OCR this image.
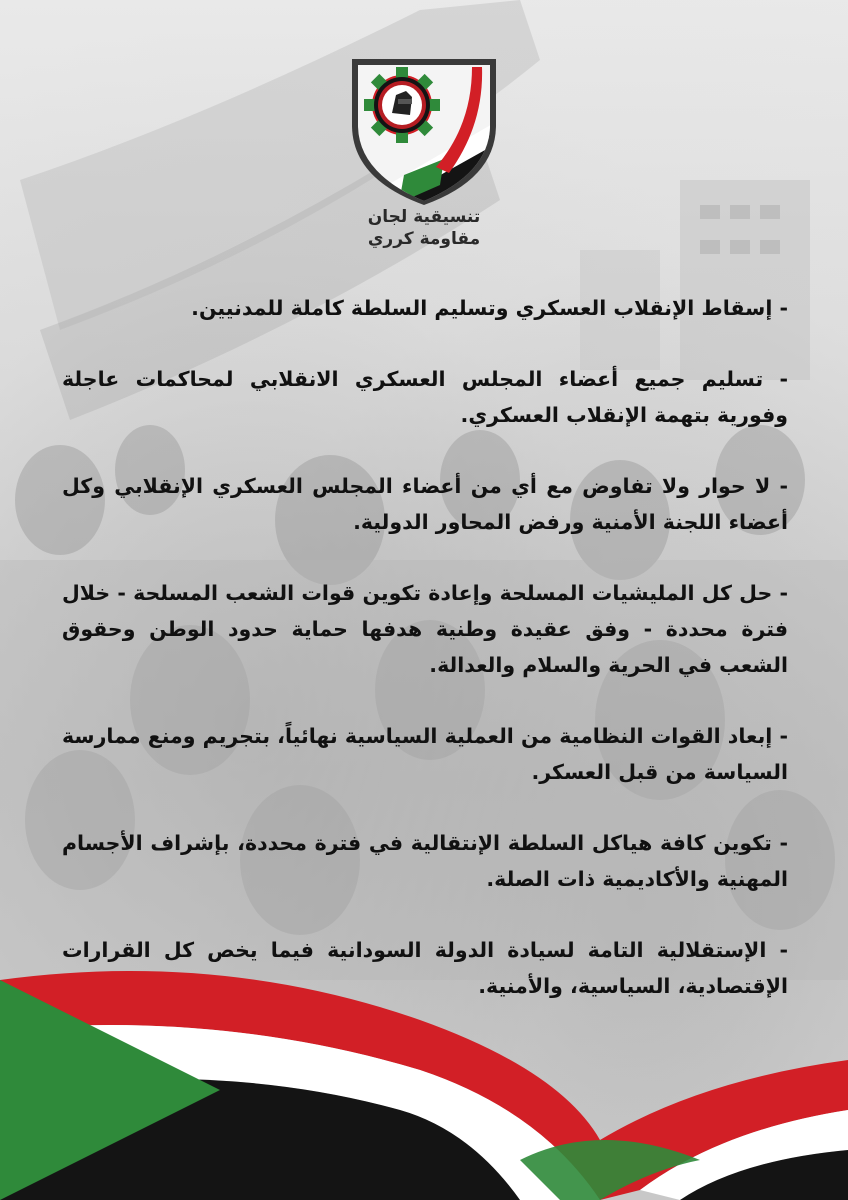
تنسيقية لجان
مقاومة كرري

- إسقاط الإنقلاب العسكري وتسليم السلطة كاملة للمدنيين.

- تسليم جميع أعضاء المجلس العسكري الانقلابي لمحاكمات عاجلة وفورية بتهمة الإنقلاب العسكري.

- لا حوار ولا تفاوض مع أي من أعضاء المجلس العسكري الإنقلابي وكل أعضاء اللجنة الأمنية ورفض المحاور الدولية.

- حل كل المليشيات المسلحة وإعادة تكوين قوات الشعب المسلحة - خلال فترة محددة - وفق عقيدة وطنية هدفها حماية حدود الوطن وحقوق الشعب في الحرية والسلام والعدالة.

- إبعاد القوات النظامية من العملية السياسية نهائياً، بتجريم ومنع ممارسة السياسة من قبل العسكر.

- تكوين كافة هياكل السلطة الإنتقالية في فترة محددة، بإشراف الأجسام المهنية والأكاديمية ذات الصلة.

- الإستقلالية التامة لسيادة الدولة السودانية فيما يخص كل القرارات الإقتصادية، السياسية، والأمنية.
